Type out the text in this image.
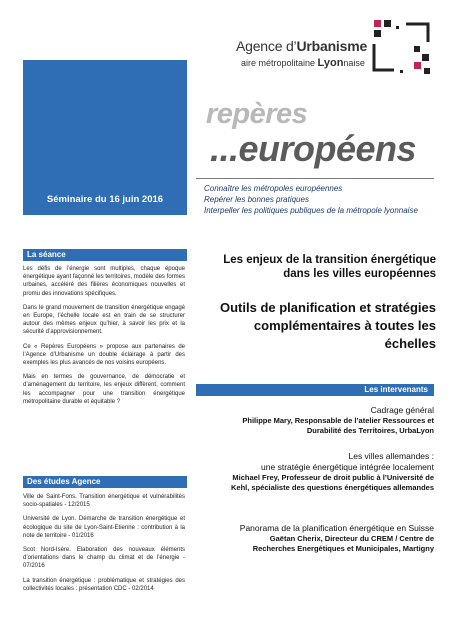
Agence d’Urbanisme
aire métropolitaine Lyonnaise
Séminaire du 16 juin 2016
repères
...européens
Connaître les métropoles européennes
Repérer les bonnes pratiques
Interpeller les politiques publiques de la métropole lyonnaise
La séance

Les défis de l’énergie sont multiples, chaque époque énergétique ayant façonné les territoires, modèle des formes urbaines, accéléré des filières économiques nouvelles et promu des innovations spécifiques.

Dans le grand mouvement de transition énergétique engagé en Europe, l’échelle locale est en train de se structurer autour des mêmes enjeux qu’hier, à savoir les prix et la sécurité d’approvisionnement.

Ce « Repères Européens » propose aux partenaires de l’Agence d’Urbanisme un double éclairage à partir des exemples les plus avancés de nos voisins européens.

Mais en termes de gouvernance, de démocratie et d’aménagement du territoire, les enjeux diffèrent, comment les accompagner pour une transition énergétique métropolitaine durable et équitable ?

Des études Agence

Ville de Saint-Fons. Transition énergétique et vulnérabilités socio-spatiales - 12/2015

Université de Lyon. Démarche de transition énergétique et écologique du site de Lyon-Saint-Etienne : contribution à la note de territoire - 01/2016

Scot Nord-Isère. Elaboration des nouveaux éléments d’orientations dans le champ du climat et de l’énergie - 07/2016

La transition énergétique : problématique et stratégies des collectivités locales : présentation CDC - 02/2014

Les enjeux de la transition énergétique
dans les villes européennes
Outils de planification et stratégies
complémentaires à toutes les
échelles
Les intervenants
Cadrage général
Philippe Mary, Responsable de l’atelier Ressources et
Durabilité des Territoires, UrbaLyon
Les villes allemandes :
une stratégie énergétique intégrée localement
Michael Frey, Professeur de droit public à l’Université de
Kehl, spécialiste des questions énergétiques allemandes
Panorama de la planification énergétique en Suisse
Gaëtan Cherix, Directeur du CREM / Centre de
Recherches Energétiques et Municipales, Martigny
